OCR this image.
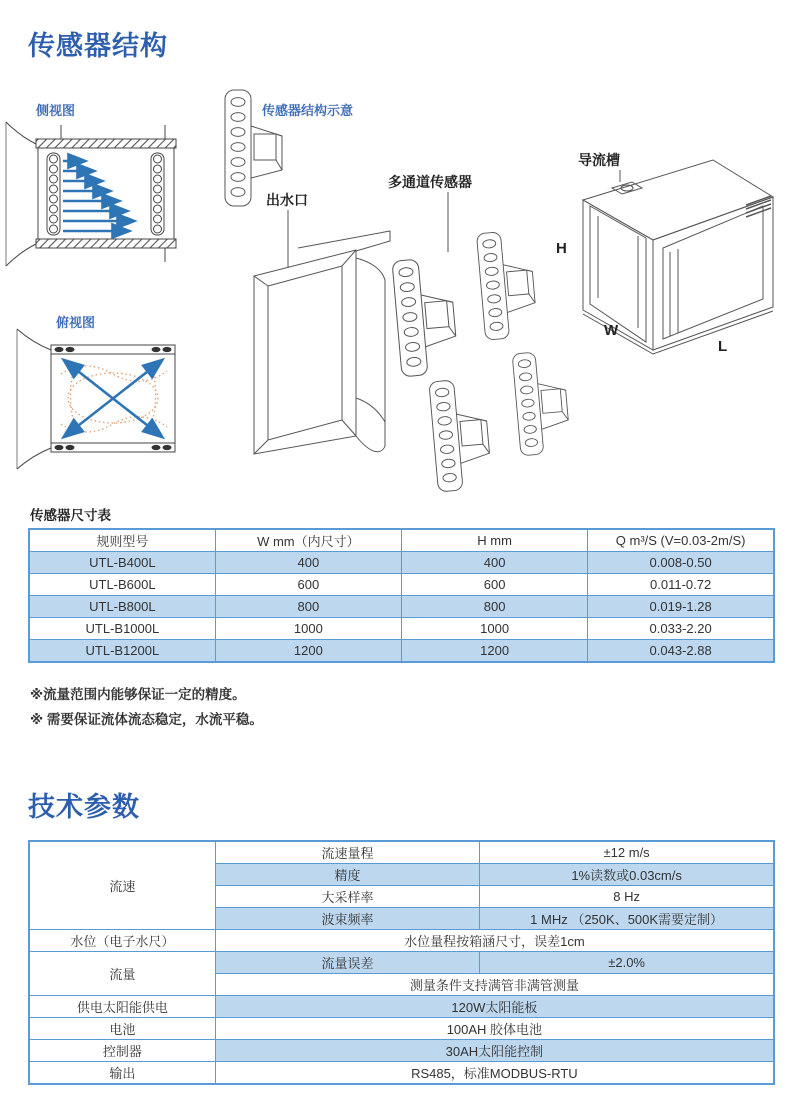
传感器结构
侧视图	传感器结构示意
俯视图
出水口
多通道传感器
导流槽
H
W
L
传感器尺寸表
规则型号	W mm（内尺寸）	H mm	Q m³/S (V=0.03-2m/S)
UTL-B400L	400	400	0.008-0.50
UTL-B600L	600	600	0.011-0.72
UTL-B800L	800	800	0.019-1.28
UTL-B1000L	1000	1000	0.033-2.20
UTL-B1200L	1200	1200	0.043-2.88
※流量范围内能够保证一定的精度。
※ 需要保证流体流态稳定，水流平稳。
技术参数
流速	流速量程	±12 m/s
	精度	1%读数或0.03cm/s
	大采样率	8 Hz
	波束频率	1 MHz （250K、500K需要定制）
水位（电子水尺）	水位量程按箱涵尺寸，误差1cm	
流量	流量误差	±2.0%
	测量条件支持满管非满管测量	
供电太阳能供电	120W太阳能板	
电池	100AH 胶体电池	
控制器	30AH太阳能控制	
输出	RS485，标准MODBUS-RTU	
